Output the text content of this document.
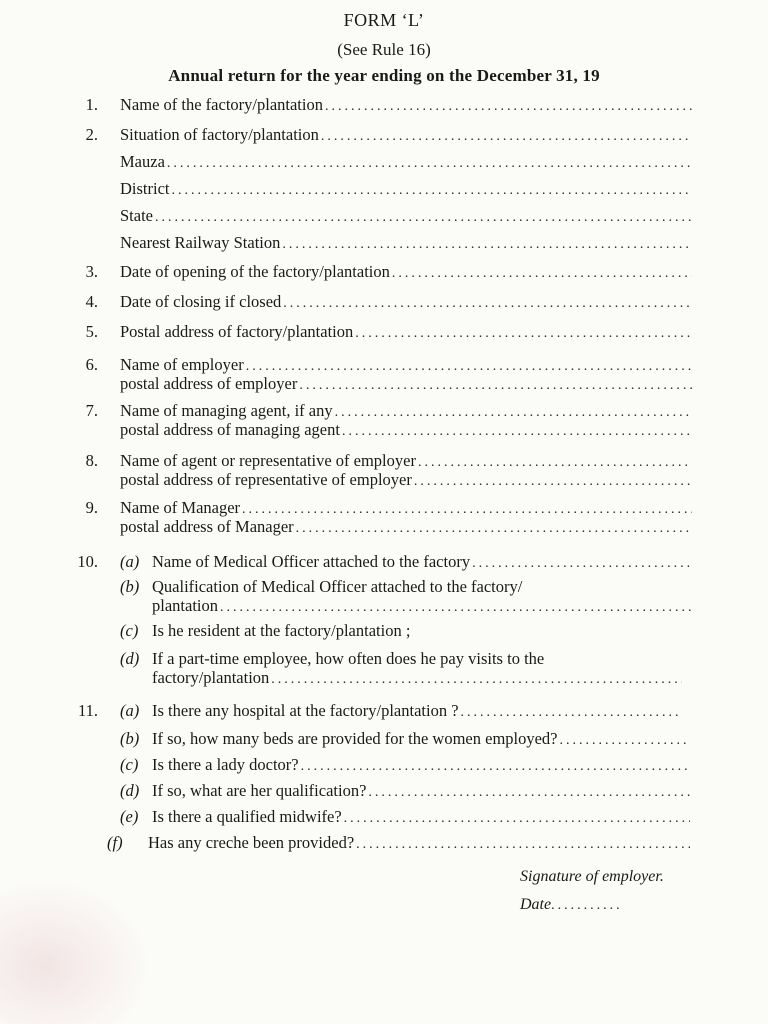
FORM ‘L’
(See Rule 16)
Annual return for the year ending on the December 31, 19
1. Name of the factory/plantation
.....
2. Situation of factory/plantation
.....
Mauza
.....
District
.....
State
.....
Nearest Railway Station
.....
3. Date of opening of the factory/plantation
.....
4. Date of closing if closed
.....
5. Postal address of factory/plantation
.....
6. Name of employer
.....
postal address of employer
.....
7. Name of managing agent, if any
.....
postal address of managing agent
.....
8. Name of agent or representative of employer
.....
postal address of representative of employer
.....
9. Name of Manager
.....
postal address of Manager
.....
10. (a) Name of Medical Officer attached to the factory
.....
(b) Qualification of Medical Officer attached to the factory/
plantation
.....
(c) Is he resident at the factory/plantation ;
(d) If a part-time employee, how often does he pay visits to the
factory/plantation
.....
11. (a) Is there any hospital at the factory/plantation ?
.....
(b) If so, how many beds are provided for the women employed?
.....
(c) Is there a lady doctor?
.....
(d) If so, what are her qualification?
.....
(e) Is there a qualified midwife?
.....
(f) Has any creche been provided?
.....
Signature of employer.
Date...........
